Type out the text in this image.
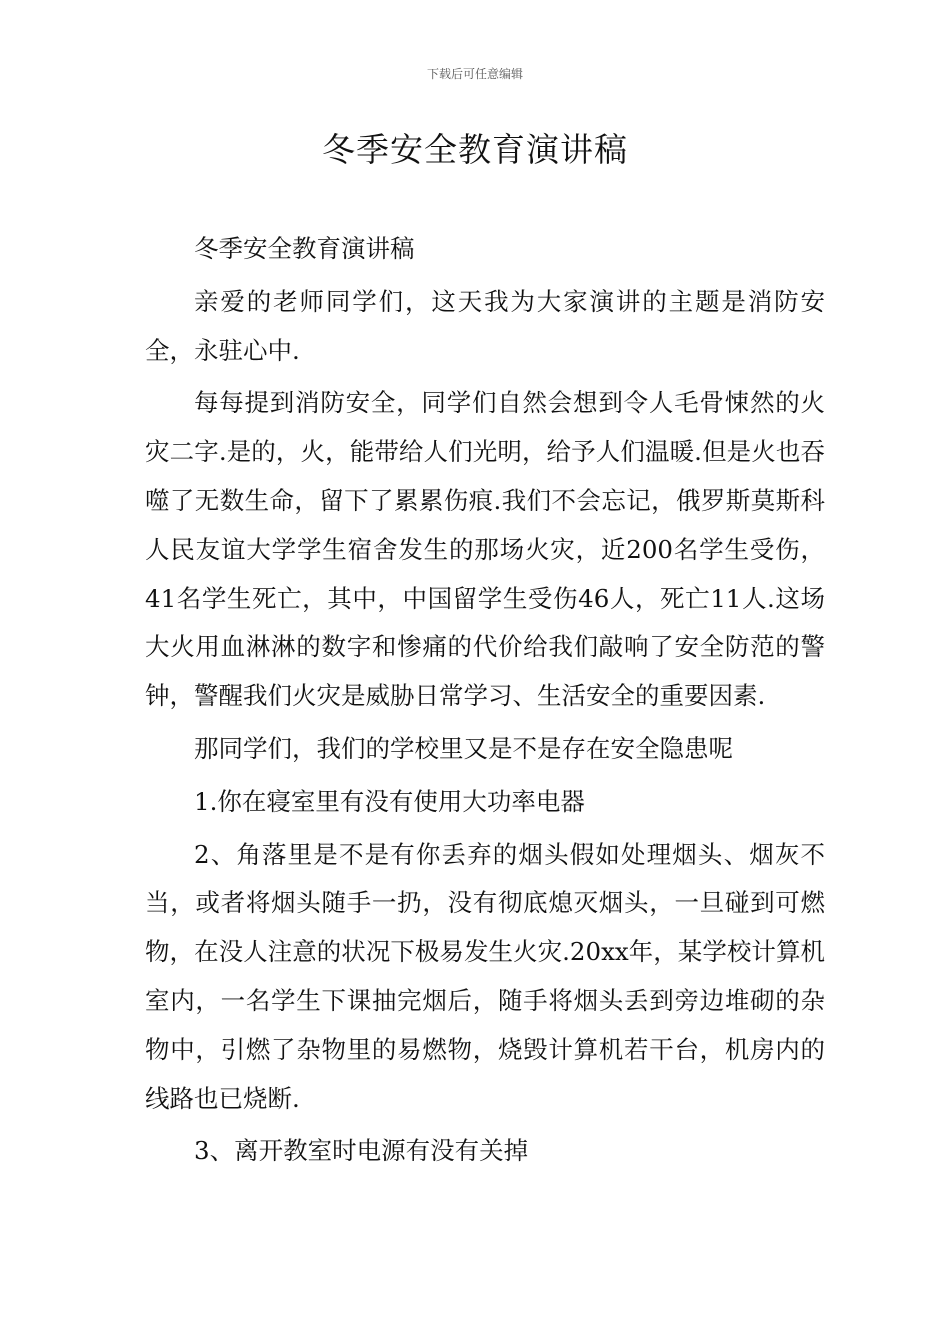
下载后可任意编辑
冬季安全教育演讲稿

冬季安全教育演讲稿

亲爱的老师同学们，这天我为大家演讲的主题是消防安全，永驻心中.

每每提到消防安全，同学们自然会想到令人毛骨悚然的火灾二字.是的，火，能带给人们光明，给予人们温暖.但是火也吞噬了无数生命，留下了累累伤痕.我们不会忘记，俄罗斯莫斯科人民友谊大学学生宿舍发生的那场火灾，近200名学生受伤，41名学生死亡，其中，中国留学生受伤46人，死亡11人.这场大火用血淋淋的数字和惨痛的代价给我们敲响了安全防范的警钟，警醒我们火灾是威胁日常学习、生活安全的重要因素.

那同学们，我们的学校里又是不是存在安全隐患呢

1.你在寝室里有没有使用大功率电器

2、角落里是不是有你丢弃的烟头假如处理烟头、烟灰不当，或者将烟头随手一扔，没有彻底熄灭烟头，一旦碰到可燃物，在没人注意的状况下极易发生火灾.20xx年，某学校计算机室内，一名学生下课抽完烟后，随手将烟头丢到旁边堆砌的杂物中，引燃了杂物里的易燃物，烧毁计算机若干台，机房内的线路也已烧断.

3、离开教室时电源有没有关掉
